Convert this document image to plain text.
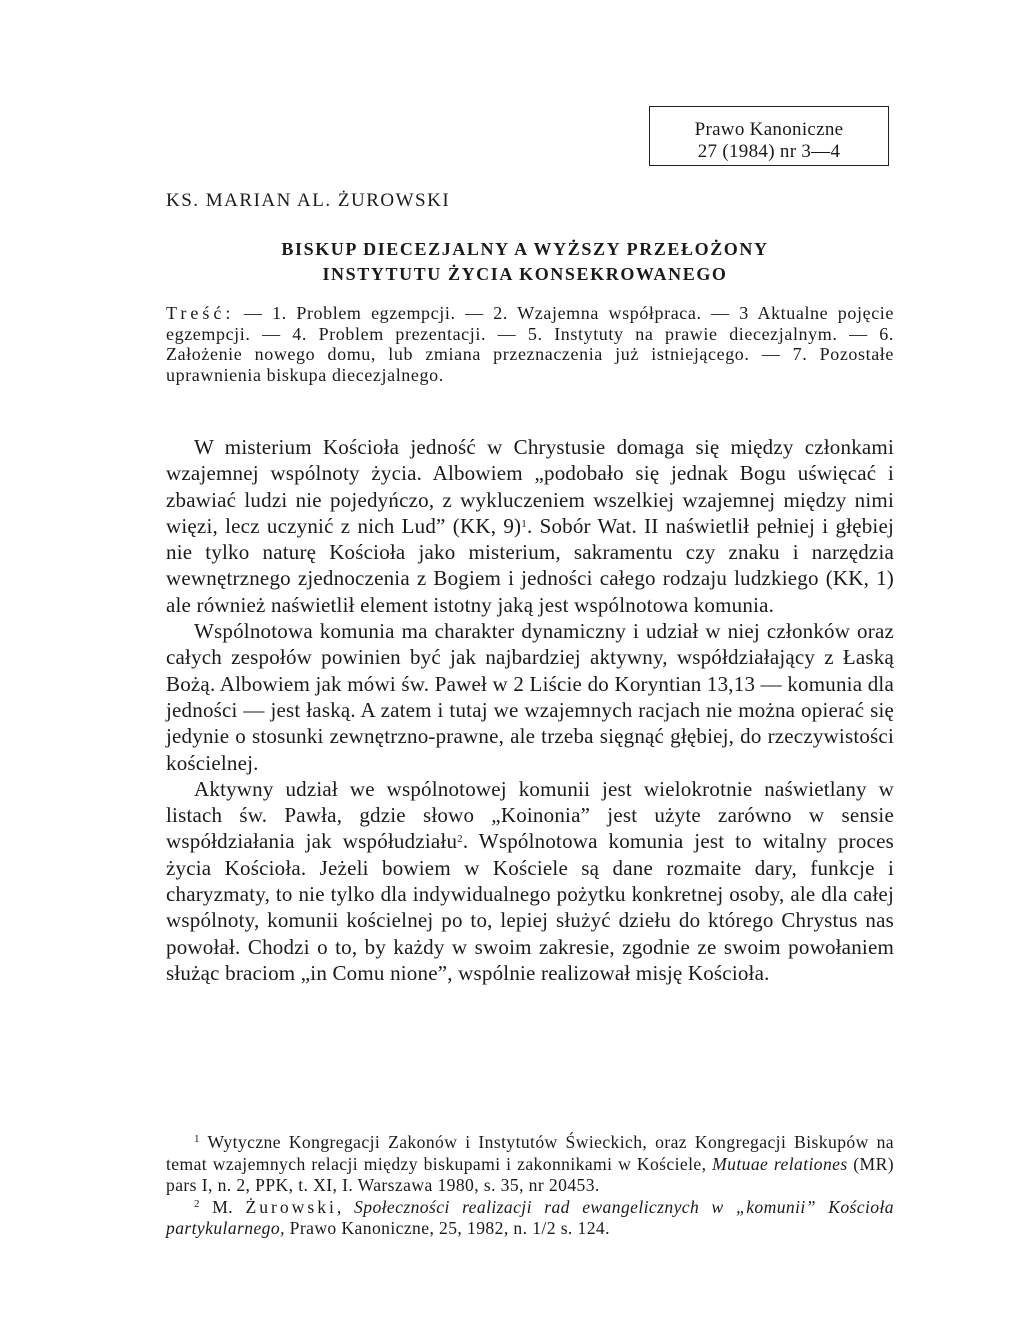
Prawo Kanoniczne
27 (1984) nr 3—4
KS. MARIAN AL. ŻUROWSKI
BISKUP DIECEZJALNY A WYŻSZY PRZEŁOŻONY
INSTYTUTU ŻYCIA KONSEKROWANEGO
Treść: — 1. Problem egzempcji. — 2. Wzajemna współpraca. — 3 Aktualne pojęcie egzempcji. — 4. Problem prezentacji. — 5. Instytuty na prawie diecezjalnym. — 6. Założenie nowego domu, lub zmiana przeznaczenia już istniejącego. — 7. Pozostałe uprawnienia biskupa diecezjalnego.

W misterium Kościoła jedność w Chrystusie domaga się między członkami wzajemnej wspólnoty życia. Albowiem „podobało się jednak Bogu uświęcać i zbawiać ludzi nie pojedyńczo, z wykluczeniem wszelkiej wzajemnej między nimi więzi, lecz uczynić z nich Lud” (KK, 9)$^1$. Sobór Wat. II naświetlił pełniej i głębiej nie tylko naturę Kościoła jako misterium, sakramentu czy znaku i narzędzia wewnętrznego zjednoczenia z Bogiem i jedności całego rodzaju ludzkiego (KK, 1) ale również naświetlił element istotny jaką jest wspólnotowa komunia.

Wspólnotowa komunia ma charakter dynamiczny i udział w niej członków oraz całych zespołów powinien być jak najbardziej aktywny, współdziałający z Łaską Bożą. Albowiem jak mówi św. Paweł w 2 Liście do Koryntian 13,13 — komunia dla jedności — jest łaską. A zatem i tutaj we wzajemnych racjach nie można opierać się jedynie o stosunki zewnętrzno-prawne, ale trzeba sięgnąć głębiej, do rzeczywistości kościelnej.

Aktywny udział we wspólnotowej komunii jest wielokrotnie naświetlany w listach św. Pawła, gdzie słowo „Koinonia” jest użyte zarówno w sensie współdziałania jak współudziału$^2$. Wspólnotowa komunia jest to witalny proces życia Kościoła. Jeżeli bowiem w Kościele są dane rozmaite dary, funkcje i charyzmaty, to nie tylko dla indywidualnego pożytku konkretnej osoby, ale dla całej wspólnoty, komunii kościelnej po to, lepiej służyć dziełu do którego Chrystus nas powołał. Chodzi o to, by każdy w swoim zakresie, zgodnie ze swoim powołaniem służąc braciom „in Comu nione”, wspólnie realizował misję Kościoła.

$^1$ Wytyczne Kongregacji Zakonów i Instytutów Świeckich, oraz Kongregacji Biskupów na temat wzajemnych relacji między biskupami i zakonnikami w Kościele, Mutuae relationes (MR) pars I, n. 2, PPK, t. XI, I. Warszawa 1980, s. 35, nr 20453.

$^2$ M. Żurowski, Społeczności realizacji rad ewangelicznych w „komunii” Kościoła partykularnego, Prawo Kanoniczne, 25, 1982, n. 1/2 s. 124.
